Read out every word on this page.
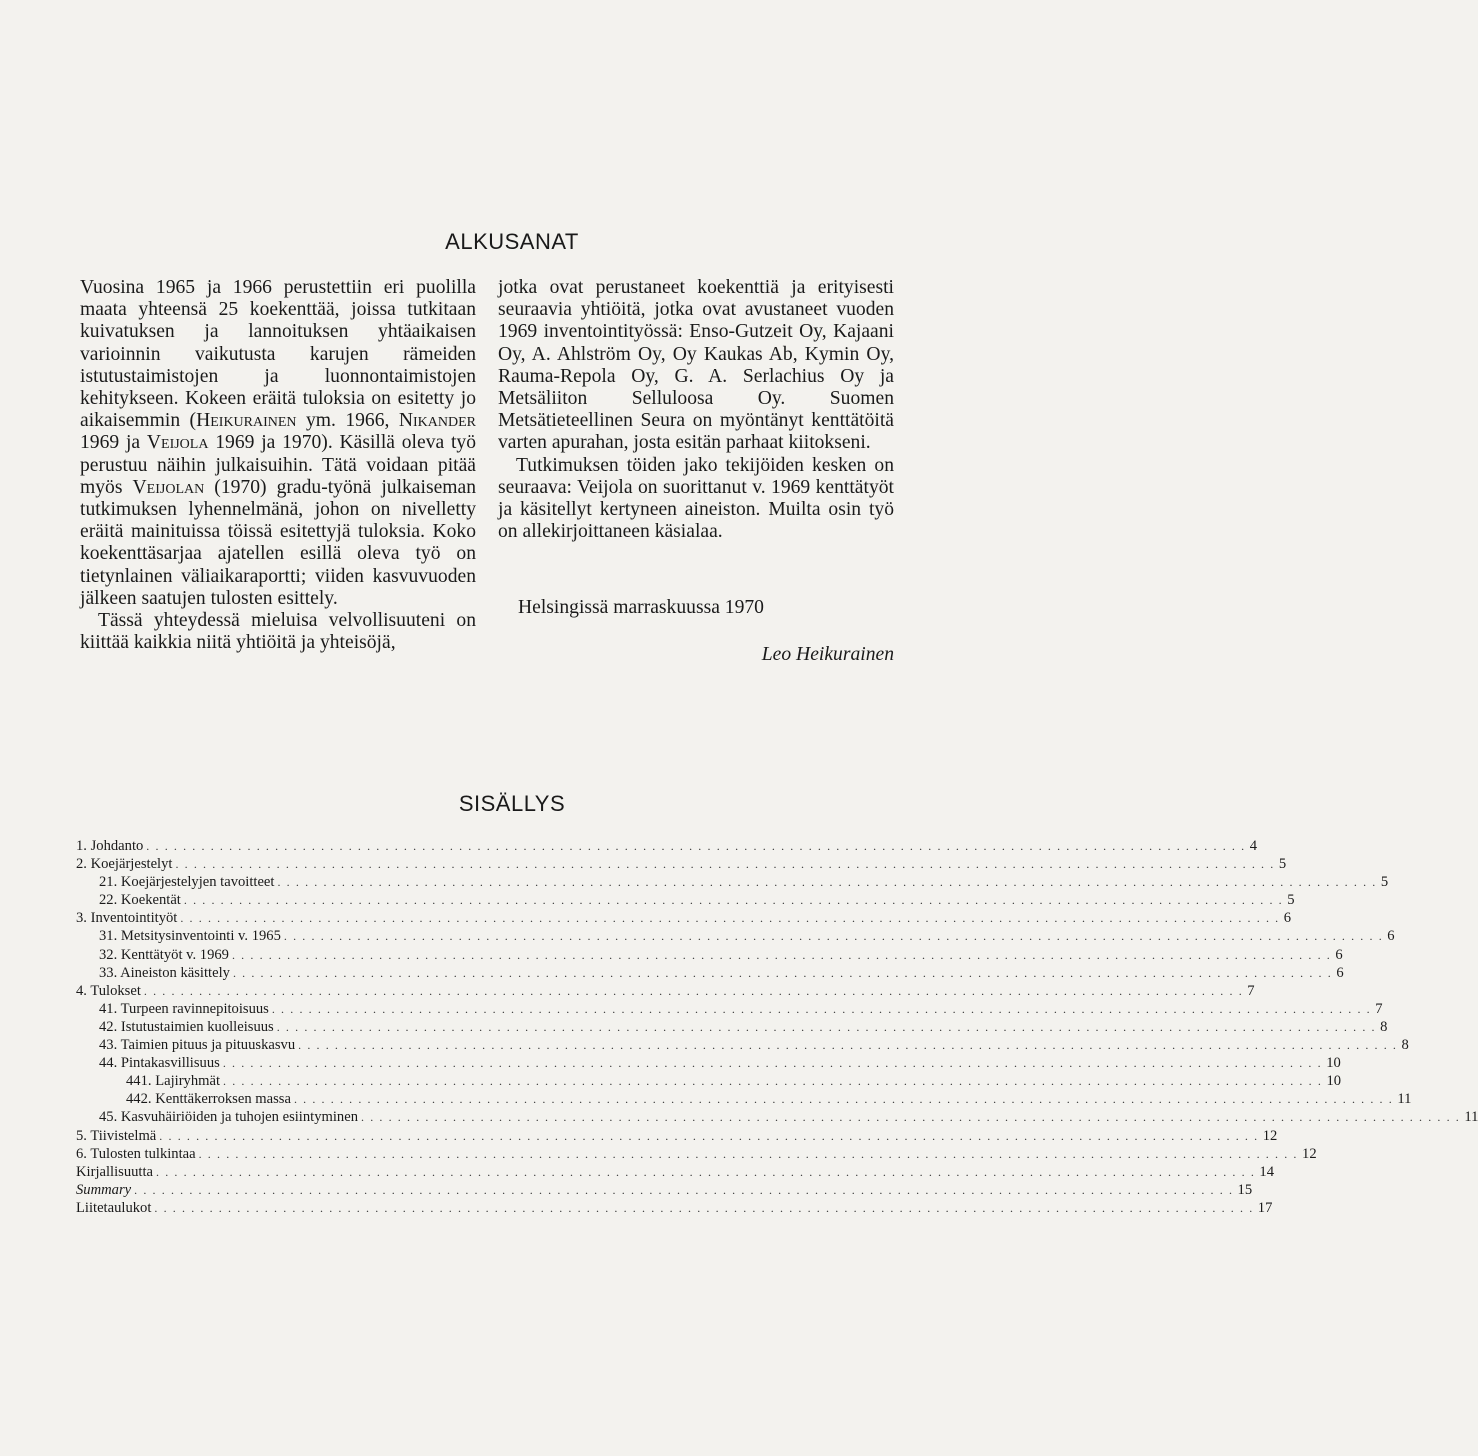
ALKUSANAT

Vuosina 1965 ja 1966 perustettiin eri puolilla maata yhteensä 25 koekenttää, joissa tutkitaan kuivatuksen ja lannoituksen yhtäaikaisen varioinnin vaikutusta karujen rämeiden istutustaimistojen ja luonnontaimistojen kehitykseen. Kokeen eräitä tuloksia on esitetty jo aikaisemmin (Heikurainen ym. 1966, Nikander 1969 ja Veijola 1969 ja 1970). Käsillä oleva työ perustuu näihin julkaisuihin. Tätä voidaan pitää myös Veijolan (1970) gradu-työnä julkaiseman tutkimuksen lyhennelmänä, johon on nivelletty eräitä mainituissa töissä esitettyjä tuloksia. Koko koekenttäsarjaa ajatellen esillä oleva työ on tietynlainen väliaikaraportti; viiden kasvuvuoden jälkeen saatujen tulosten esittely.

Tässä yhteydessä mieluisa velvollisuuteni on kiittää kaikkia niitä yhtiöitä ja yhteisöjä,

jotka ovat perustaneet koekenttiä ja erityisesti seuraavia yhtiöitä, jotka ovat avustaneet vuoden 1969 inventointityössä: Enso-Gutzeit Oy, Kajaani Oy, A. Ahlström Oy, Oy Kaukas Ab, Kymin Oy, Rauma-Repola Oy, G. A. Serlachius Oy ja Metsäliiton Selluloosa Oy. Suomen Metsätieteellinen Seura on myöntänyt kenttätöitä varten apurahan, josta esitän parhaat kiitokseni.

Tutkimuksen töiden jako tekijöiden kesken on seuraava: Veijola on suorittanut v. 1969 kenttätyöt ja käsitellyt kertyneen aineiston. Muilta osin työ on allekirjoittaneen käsialaa.

Helsingissä marraskuussa 1970
Leo Heikurainen
SISÄLLYS
1. Johdanto . . . . . . . . . . . . . . . . . . . . . . . . . . . . . . . . . . . . . . . . . . . . . . . . . . . . . . . . . . . . . . . . . . . . . . . . . . . . . . . . . . . . . . . . . . . . . . . . . . . . . . . . . . . . . . . . . . . . . . . . 4
2. Koejärjestelyt . . . . . . . . . . . . . . . . . . . . . . . . . . . . . . . . . . . . . . . . . . . . . . . . . . . . . . . . . . . . . . . . . . . . . . . . . . . . . . . . . . . . . . . . . . . . . . . . . . . . . . . . . . . . . . . . . . . . . . . . 5
21. Koejärjestelyjen tavoitteet . . . . . . . . . . . . . . . . . . . . . . . . . . . . . . . . . . . . . . . . . . . . . . . . . . . . . . . . . . . . . . . . . . . . . . . . . . . . . . . . . . . . . . . . . . . . . . . . . . . . . . . . . . . . . . . . . . . . . . . . 5
22. Koekentät . . . . . . . . . . . . . . . . . . . . . . . . . . . . . . . . . . . . . . . . . . . . . . . . . . . . . . . . . . . . . . . . . . . . . . . . . . . . . . . . . . . . . . . . . . . . . . . . . . . . . . . . . . . . . . . . . . . . . . . . 5
3. Inventointityöt . . . . . . . . . . . . . . . . . . . . . . . . . . . . . . . . . . . . . . . . . . . . . . . . . . . . . . . . . . . . . . . . . . . . . . . . . . . . . . . . . . . . . . . . . . . . . . . . . . . . . . . . . . . . . . . . . . . . . . . . 6
31. Metsitysinventointi v. 1965 . . . . . . . . . . . . . . . . . . . . . . . . . . . . . . . . . . . . . . . . . . . . . . . . . . . . . . . . . . . . . . . . . . . . . . . . . . . . . . . . . . . . . . . . . . . . . . . . . . . . . . . . . . . . . . . . . . . . . . . . 6
32. Kenttätyöt v. 1969 . . . . . . . . . . . . . . . . . . . . . . . . . . . . . . . . . . . . . . . . . . . . . . . . . . . . . . . . . . . . . . . . . . . . . . . . . . . . . . . . . . . . . . . . . . . . . . . . . . . . . . . . . . . . . . . . . . . . . . . . 6
33. Aineiston käsittely . . . . . . . . . . . . . . . . . . . . . . . . . . . . . . . . . . . . . . . . . . . . . . . . . . . . . . . . . . . . . . . . . . . . . . . . . . . . . . . . . . . . . . . . . . . . . . . . . . . . . . . . . . . . . . . . . . . . . . . . 6
4. Tulokset . . . . . . . . . . . . . . . . . . . . . . . . . . . . . . . . . . . . . . . . . . . . . . . . . . . . . . . . . . . . . . . . . . . . . . . . . . . . . . . . . . . . . . . . . . . . . . . . . . . . . . . . . . . . . . . . . . . . . . . . 7
41. Turpeen ravinnepitoisuus . . . . . . . . . . . . . . . . . . . . . . . . . . . . . . . . . . . . . . . . . . . . . . . . . . . . . . . . . . . . . . . . . . . . . . . . . . . . . . . . . . . . . . . . . . . . . . . . . . . . . . . . . . . . . . . . . . . . . . . . 7
42. Istutustaimien kuolleisuus . . . . . . . . . . . . . . . . . . . . . . . . . . . . . . . . . . . . . . . . . . . . . . . . . . . . . . . . . . . . . . . . . . . . . . . . . . . . . . . . . . . . . . . . . . . . . . . . . . . . . . . . . . . . . . . . . . . . . . . . 8
43. Taimien pituus ja pituuskasvu . . . . . . . . . . . . . . . . . . . . . . . . . . . . . . . . . . . . . . . . . . . . . . . . . . . . . . . . . . . . . . . . . . . . . . . . . . . . . . . . . . . . . . . . . . . . . . . . . . . . . . . . . . . . . . . . . . . . . . . . 8
44. Pintakasvillisuus . . . . . . . . . . . . . . . . . . . . . . . . . . . . . . . . . . . . . . . . . . . . . . . . . . . . . . . . . . . . . . . . . . . . . . . . . . . . . . . . . . . . . . . . . . . . . . . . . . . . . . . . . . . . . . . . . . . . . . . . 10
441. Lajiryhmät . . . . . . . . . . . . . . . . . . . . . . . . . . . . . . . . . . . . . . . . . . . . . . . . . . . . . . . . . . . . . . . . . . . . . . . . . . . . . . . . . . . . . . . . . . . . . . . . . . . . . . . . . . . . . . . . . . . . . . . . 10
442. Kenttäkerroksen massa . . . . . . . . . . . . . . . . . . . . . . . . . . . . . . . . . . . . . . . . . . . . . . . . . . . . . . . . . . . . . . . . . . . . . . . . . . . . . . . . . . . . . . . . . . . . . . . . . . . . . . . . . . . . . . . . . . . . . . . . 11
45. Kasvuhäiriöiden ja tuhojen esiintyminen . . . . . . . . . . . . . . . . . . . . . . . . . . . . . . . . . . . . . . . . . . . . . . . . . . . . . . . . . . . . . . . . . . . . . . . . . . . . . . . . . . . . . . . . . . . . . . . . . . . . . . . . . . . . . . . . . . . . . . . . 11
5. Tiivistelmä . . . . . . . . . . . . . . . . . . . . . . . . . . . . . . . . . . . . . . . . . . . . . . . . . . . . . . . . . . . . . . . . . . . . . . . . . . . . . . . . . . . . . . . . . . . . . . . . . . . . . . . . . . . . . . . . . . . . . . . . 12
6. Tulosten tulkintaa . . . . . . . . . . . . . . . . . . . . . . . . . . . . . . . . . . . . . . . . . . . . . . . . . . . . . . . . . . . . . . . . . . . . . . . . . . . . . . . . . . . . . . . . . . . . . . . . . . . . . . . . . . . . . . . . . . . . . . . . 12
Kirjallisuutta . . . . . . . . . . . . . . . . . . . . . . . . . . . . . . . . . . . . . . . . . . . . . . . . . . . . . . . . . . . . . . . . . . . . . . . . . . . . . . . . . . . . . . . . . . . . . . . . . . . . . . . . . . . . . . . . . . . . . . . . 14
Summary . . . . . . . . . . . . . . . . . . . . . . . . . . . . . . . . . . . . . . . . . . . . . . . . . . . . . . . . . . . . . . . . . . . . . . . . . . . . . . . . . . . . . . . . . . . . . . . . . . . . . . . . . . . . . . . . . . . . . . . . 15
Liitetaulukot . . . . . . . . . . . . . . . . . . . . . . . . . . . . . . . . . . . . . . . . . . . . . . . . . . . . . . . . . . . . . . . . . . . . . . . . . . . . . . . . . . . . . . . . . . . . . . . . . . . . . . . . . . . . . . . . . . . . . . . . 17
